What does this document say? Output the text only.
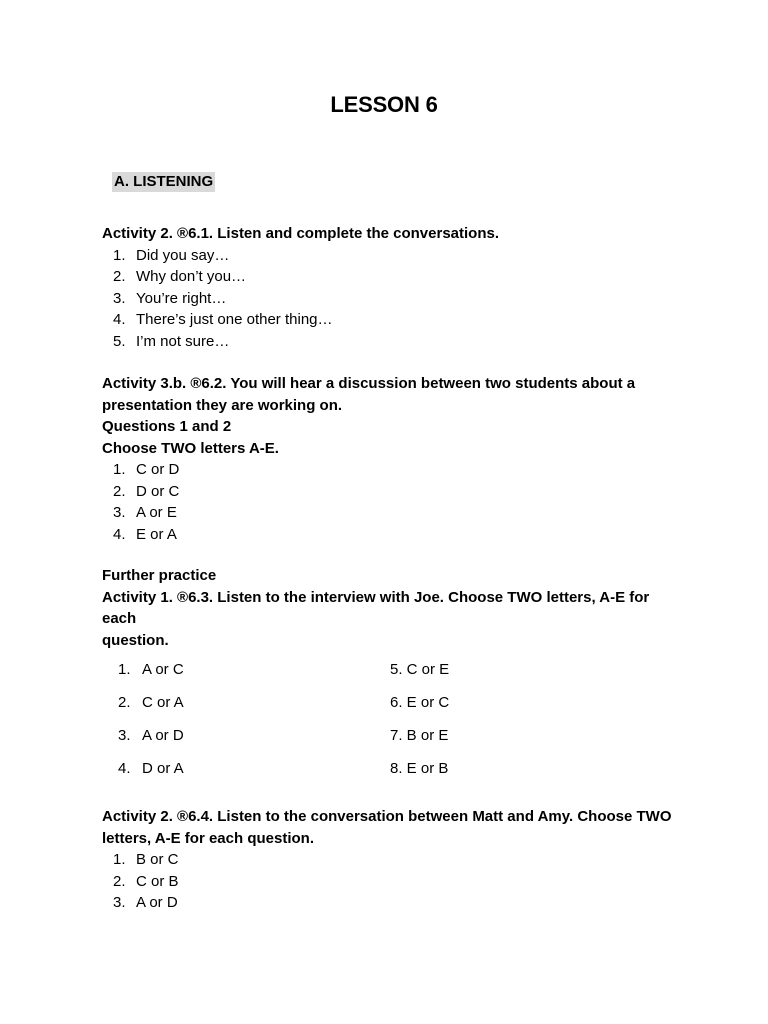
LESSON 6
A. LISTENING
Activity 2. ®6.1. Listen and complete the conversations.
1. Did you say…
2. Why don’t you…
3. You’re right…
4. There’s just one other thing…
5. I’m not sure…
Activity 3.b. ®6.2. You will hear a discussion between two students about a
presentation they are working on.
Questions 1 and 2
Choose TWO letters A-E.
1. C or D
2. D or C
3. A or E
4. E or A
Further practice
Activity 1. ®6.3. Listen to the interview with Joe. Choose TWO letters, A-E for each
question.
1. A or C	5. C or E
2. C or A	6. E or C
3. A or D	7. B or E
4. D or A	8. E or B
Activity 2. ®6.4. Listen to the conversation between Matt and Amy. Choose TWO
letters, A-E for each question.
1. B or C
2. C or B
3. A or D
